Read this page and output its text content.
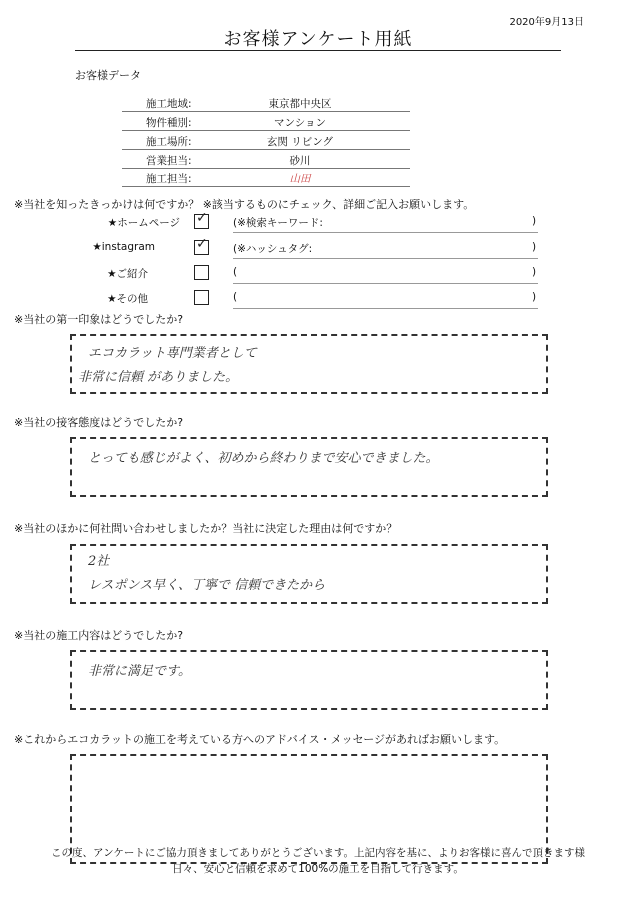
2020年9月13日
お客様アンケート用紙
お客様データ
施工地域:	東京都中央区
物件種別:	マンション
施工場所:	玄関 リビング
営業担当:	砂川
施工担当:	山田
※当社を知ったきっかけは何ですか？ ※該当するものにチェック、詳細ご記入お願いします。
★ホームページ ✓ (※検索キーワード:	)
★instagram	✓ (※ハッシュタグ:	)
★ご紹介	(	)
★その他	(	)
※当社の第一印象はどうでしたか?
エコカラット専門業者として
非常に信頼 がありました。
※当社の接客態度はどうでしたか?
とっても感じがよく、初めから終わりまで安心できました。
※当社のほかに何社問い合わせしましたか？当社に決定した理由は何ですか？
2社
レスポンス早く、丁寧で 信頼できたから
※当社の施工内容はどうでしたか?
非常に満足です。
※これからエコカラットの施工を考えている方へのアドバイス・メッセージがあればお願いします。
この度、アンケートにご協力頂きましてありがとうございます。上記内容を基に、よりお客様に喜んで頂きます様
日々、安心と信頼を求めて100%の施工を目指して行きます。
